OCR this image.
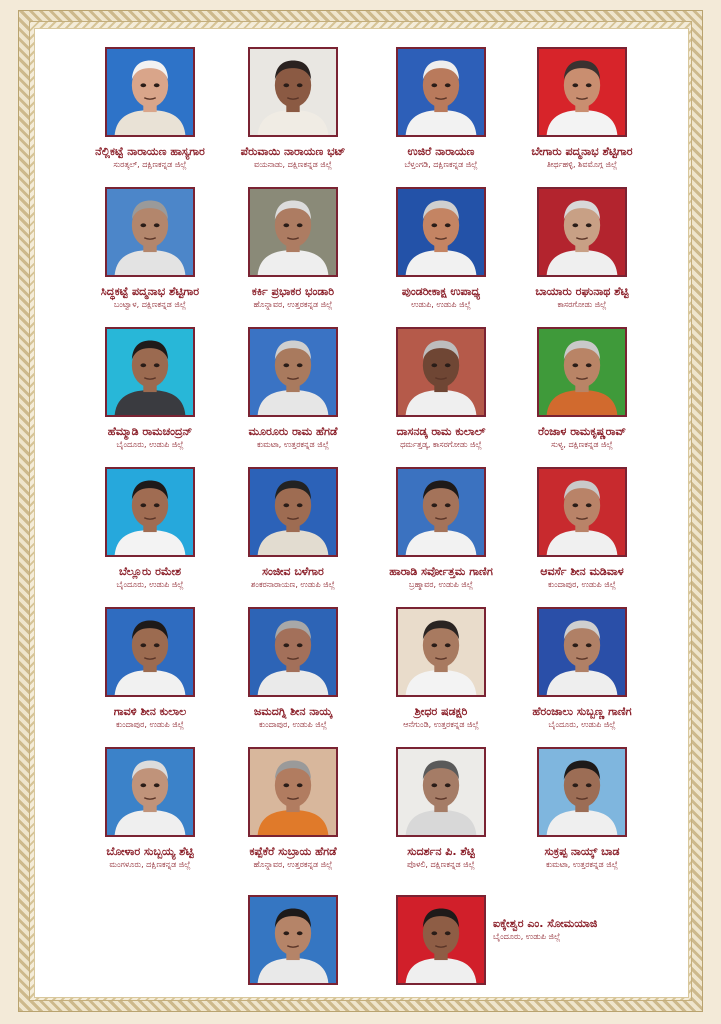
ನೆಲ್ಲಿಕಟ್ಟೆ ನಾರಾಯಣ ಹಾಸ್ಯಗಾರ
ಸುರತ್ಕಲ್, ದಕ್ಷಿಣಕನ್ನಡ ಜಿಲ್ಲೆ
ಪೆರುವಾಯಿ ನಾರಾಯಣ ಭಟ್
ವಯನಾಡು, ದಕ್ಷಿಣಕನ್ನಡ ಜಿಲ್ಲೆ
ಉಜಿರೆ ನಾರಾಯಣ
ಬೆಳ್ತಂಗಡಿ, ದಕ್ಷಿಣಕನ್ನಡ ಜಿಲ್ಲೆ
ಬೇಗಾರು ಪದ್ಮನಾಭ ಶೆಟ್ಟಿಗಾರ
ತೀರ್ಥಹಳ್ಳಿ, ಶಿವಮೊಗ್ಗ ಜಿಲ್ಲೆ
ಸಿದ್ಧಕಟ್ಟೆ ಪದ್ಮನಾಭ ಶೆಟ್ಟಿಗಾರ
ಬಂಟ್ವಾಳ, ದಕ್ಷಿಣಕನ್ನಡ ಜಿಲ್ಲೆ
ಕರ್ಕಿ ಪ್ರಭಾಕರ ಭಂಡಾರಿ
ಹೊನ್ನಾವರ, ಉತ್ತರಕನ್ನಡ ಜಿಲ್ಲೆ
ಪುಂಡರೀಕಾಕ್ಷ ಉಪಾಧ್ಯ
ಉಡುಪಿ, ಉಡುಪಿ ಜಿಲ್ಲೆ
ಬಾಯಾರು ರಘುನಾಥ ಶೆಟ್ಟಿ
ಕಾಸರಗೋಡು ಜಿಲ್ಲೆ
ಹೆಮ್ಮಾಡಿ ರಾಮಚಂದ್ರನ್
ಬೈಂದೂರು, ಉಡುಪಿ ಜಿಲ್ಲೆ
ಮೂರೂರು ರಾಮ ಹೆಗಡೆ
ಕುಮಟಾ, ಉತ್ತರಕನ್ನಡ ಜಿಲ್ಲೆ
ದಾಸನಡ್ಕ ರಾಮ ಕುಲಾಲ್
ಧರ್ಮತ್ತಡ್ಕ, ಕಾಸರಗೋಡು ಜಿಲ್ಲೆ
ರೆಂಜಾಳ ರಾಮಕೃಷ್ಣರಾವ್
ಸುಳ್ಯ, ದಕ್ಷಿಣಕನ್ನಡ ಜಿಲ್ಲೆ
ಬೆಲ್ಲೂರು ರಮೇಶ
ಬೈಂದೂರು, ಉಡುಪಿ ಜಿಲ್ಲೆ
ಸಂಜೀವ ಬಳೆಗಾರ
ಶಂಕರನಾರಾಯಣ, ಉಡುಪಿ ಜಿಲ್ಲೆ
ಹಾರಾಡಿ ಸರ್ವೋತ್ತಮ ಗಾಣಿಗ
ಬ್ರಹ್ಮಾವರ, ಉಡುಪಿ ಜಿಲ್ಲೆ
ಆವರ್ಸೆ ಶೀನ ಮಡಿವಾಳ
ಕುಂದಾಪುರ, ಉಡುಪಿ ಜಿಲ್ಲೆ
ಗಾವಳಿ ಶೀನ ಕುಲಾಲ
ಕುಂದಾಪುರ, ಉಡುಪಿ ಜಿಲ್ಲೆ
ಜಮದಗ್ನಿ ಶೀನ ನಾಯ್ಕ
ಕುಂದಾಪುರ, ಉಡುಪಿ ಜಿಲ್ಲೆ
ಶ್ರೀಧರ ಷಡಕ್ಷರಿ
ಆನೆಗುಂಡಿ, ಉತ್ತರಕನ್ನಡ ಜಿಲ್ಲೆ
ಹೆರಂಜಾಲು ಸುಬ್ಬಣ್ಣ ಗಾಣಿಗ
ಬೈಂದೂರು, ಉಡುಪಿ ಜಿಲ್ಲೆ
ಬೋಳಾರ ಸುಬ್ಬಯ್ಯ ಶೆಟ್ಟಿ
ಮಂಗಳೂರು, ದಕ್ಷಿಣಕನ್ನಡ ಜಿಲ್ಲೆ
ಕಪ್ಪೆಕೆರೆ ಸುಬ್ರಾಯ ಹೆಗಡೆ
ಹೊನ್ನಾವರ, ಉತ್ತರಕನ್ನಡ ಜಿಲ್ಲೆ
ಸುದರ್ಶನ ಪಿ. ಶೆಟ್ಟಿ
ಪೊಳಲಿ, ದಕ್ಷಿಣಕನ್ನಡ ಜಿಲ್ಲೆ
ಸುಕ್ರಪ್ಪ ನಾಯ್ಕ್ ಬಾಡ
ಕುಮಟಾ, ಉತ್ತರಕನ್ನಡ ಜಿಲ್ಲೆ
ಐಕ್ಕೇಶ್ವರ ಎಂ. ಸೋಮಯಾಜಿ
ಬೈಂದೂರು, ಉಡುಪಿ ಜಿಲ್ಲೆ
